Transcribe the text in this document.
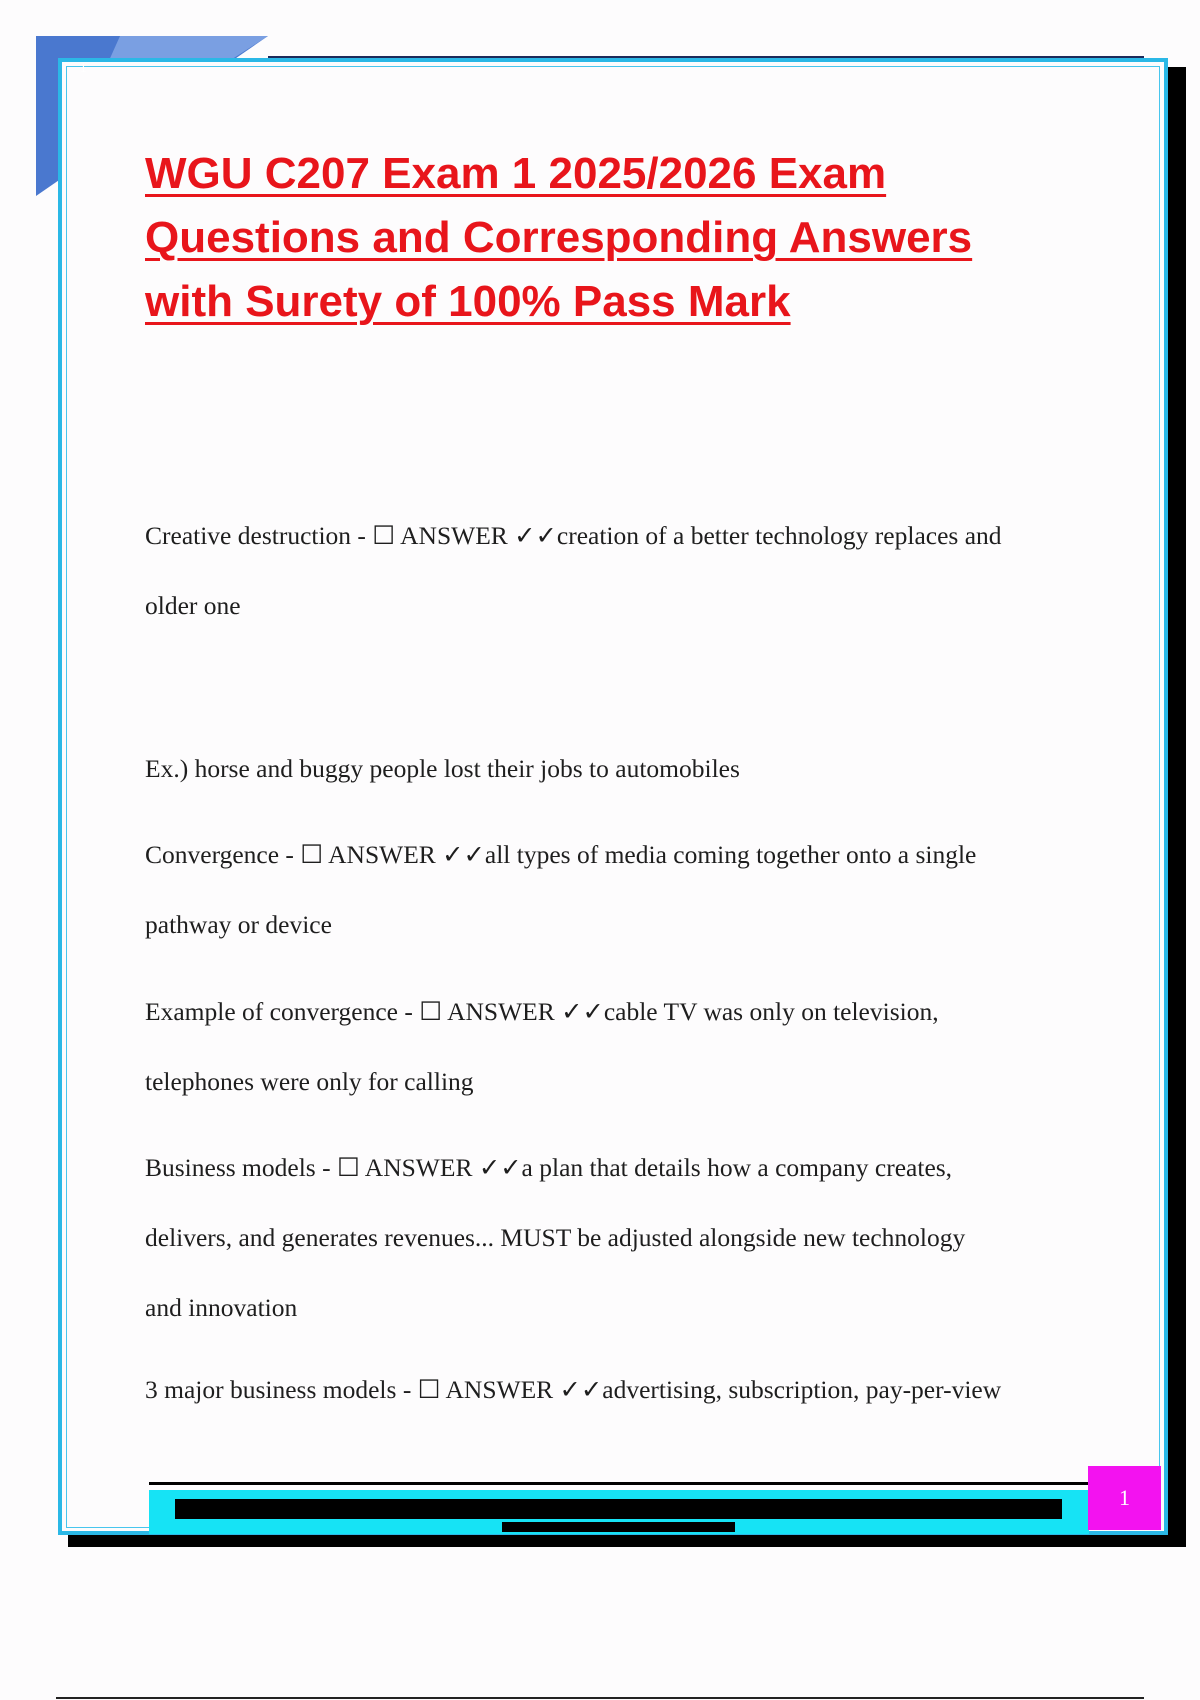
1
WGU C207 Exam 1 2025/2026 Exam
Questions and Corresponding Answers
with Surety of 100% Pass Mark
Creative destruction - ☐ ANSWER ✓✓creation of a better technology replaces and
older one
Ex.) horse and buggy people lost their jobs to automobiles
Convergence - ☐ ANSWER ✓✓all types of media coming together onto a single
pathway or device
Example of convergence - ☐ ANSWER ✓✓cable TV was only on television,
telephones were only for calling
Business models - ☐ ANSWER ✓✓a plan that details how a company creates,
delivers, and generates revenues... MUST be adjusted alongside new technology
and innovation
3 major business models - ☐ ANSWER ✓✓advertising, subscription, pay-per-view
1
